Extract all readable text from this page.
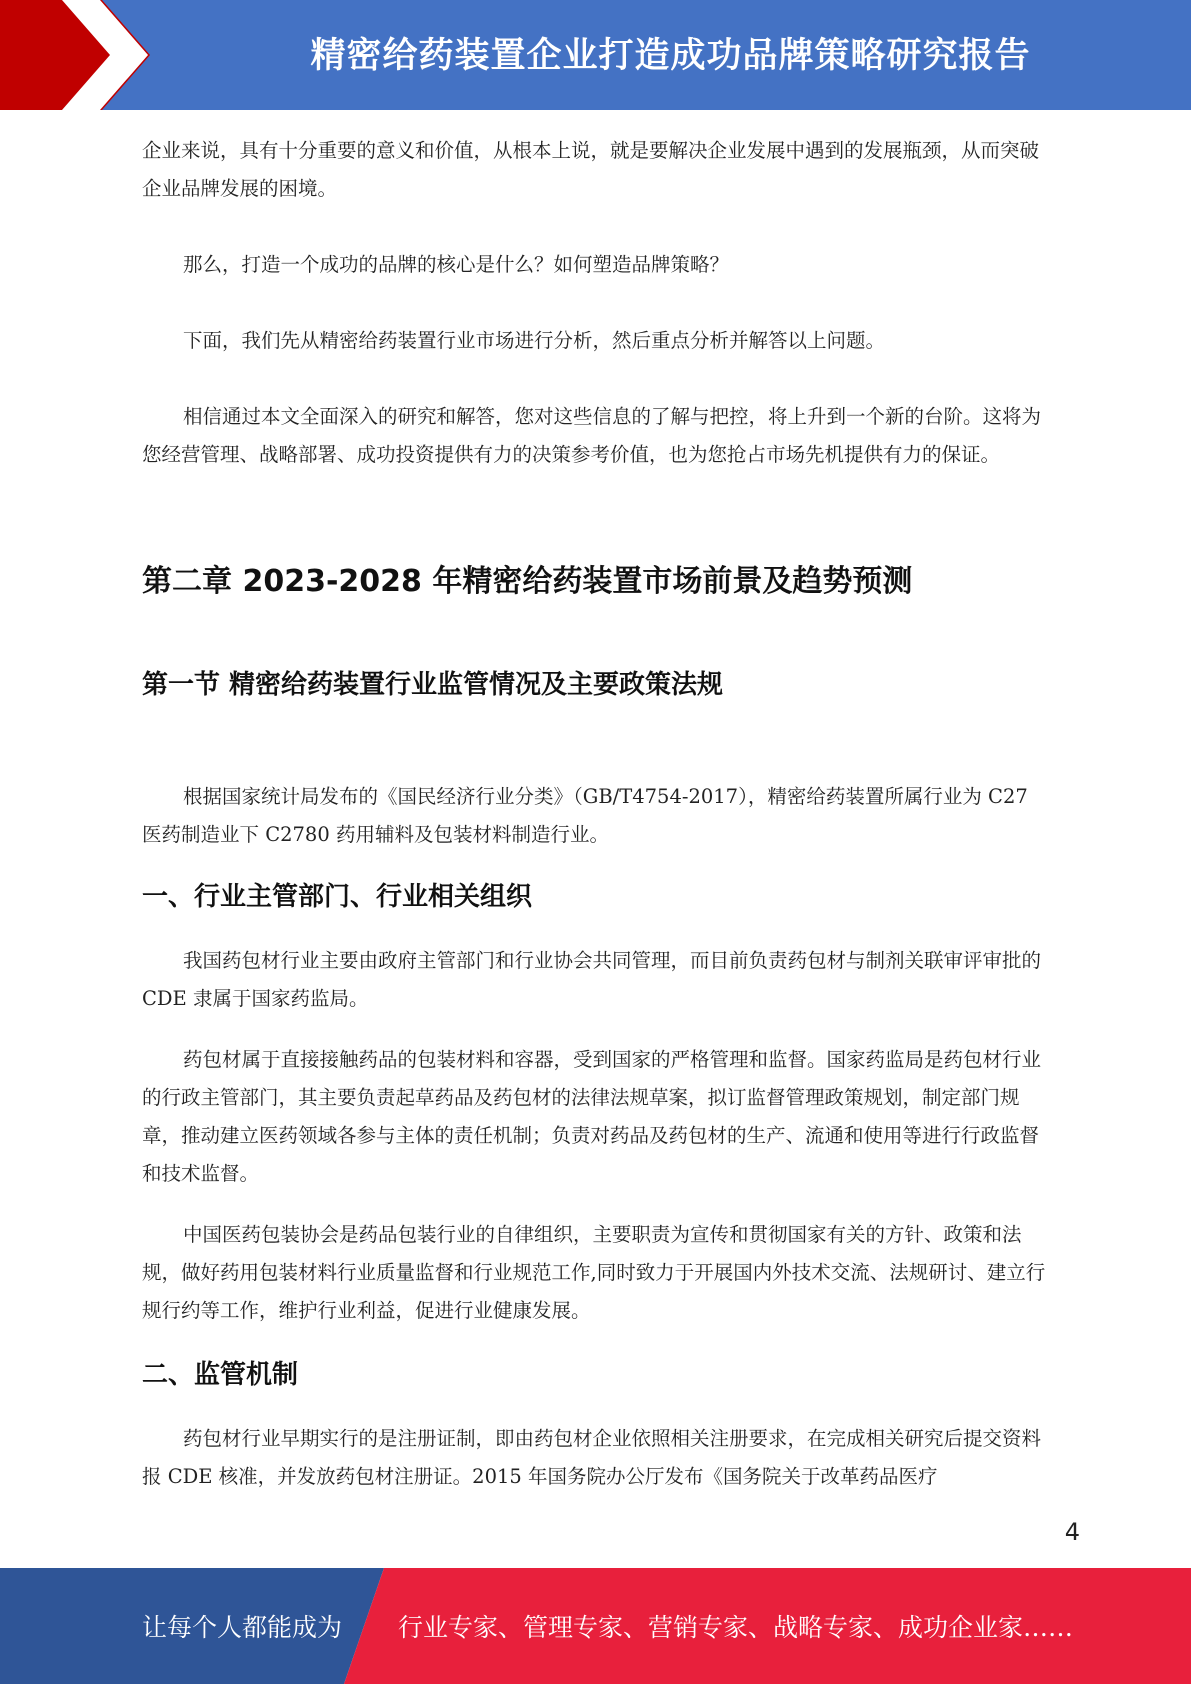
精密给药装置企业打造成功品牌策略研究报告

企业来说，具有十分重要的意义和价值，从根本上说，就是要解决企业发展中遇到的发展瓶颈，从而突破企业品牌发展的困境。

那么，打造一个成功的品牌的核心是什么？如何塑造品牌策略？

下面，我们先从精密给药装置行业市场进行分析，然后重点分析并解答以上问题。

相信通过本文全面深入的研究和解答，您对这些信息的了解与把控，将上升到一个新的台阶。这将为您经营管理、战略部署、成功投资提供有力的决策参考价值，也为您抢占市场先机提供有力的保证。

第二章 2023-2028 年精密给药装置市场前景及趋势预测
第一节 精密给药装置行业监管情况及主要政策法规

根据国家统计局发布的《国民经济行业分类》（GB/T4754-2017），精密给药装置所属行业为 C27 医药制造业下 C2780 药用辅料及包装材料制造行业。

一、行业主管部门、行业相关组织

我国药包材行业主要由政府主管部门和行业协会共同管理，而目前负责药包材与制剂关联审评审批的 CDE 隶属于国家药监局。

药包材属于直接接触药品的包装材料和容器，受到国家的严格管理和监督。国家药监局是药包材行业的行政主管部门，其主要负责起草药品及药包材的法律法规草案，拟订监督管理政策规划，制定部门规章，推动建立医药领域各参与主体的责任机制；负责对药品及药包材的生产、流通和使用等进行行政监督和技术监督。

中国医药包装协会是药品包装行业的自律组织，主要职责为宣传和贯彻国家有关的方针、政策和法规，做好药用包装材料行业质量监督和行业规范工作,同时致力于开展国内外技术交流、法规研讨、建立行规行约等工作，维护行业利益，促进行业健康发展。

二、监管机制

药包材行业早期实行的是注册证制，即由药包材企业依照相关注册要求，在完成相关研究后提交资料报 CDE 核准，并发放药包材注册证。2015 年国务院办公厅发布《国务院关于改革药品医疗

4
让每个人都能成为 行业专家、管理专家、营销专家、战略专家、成功企业家……
